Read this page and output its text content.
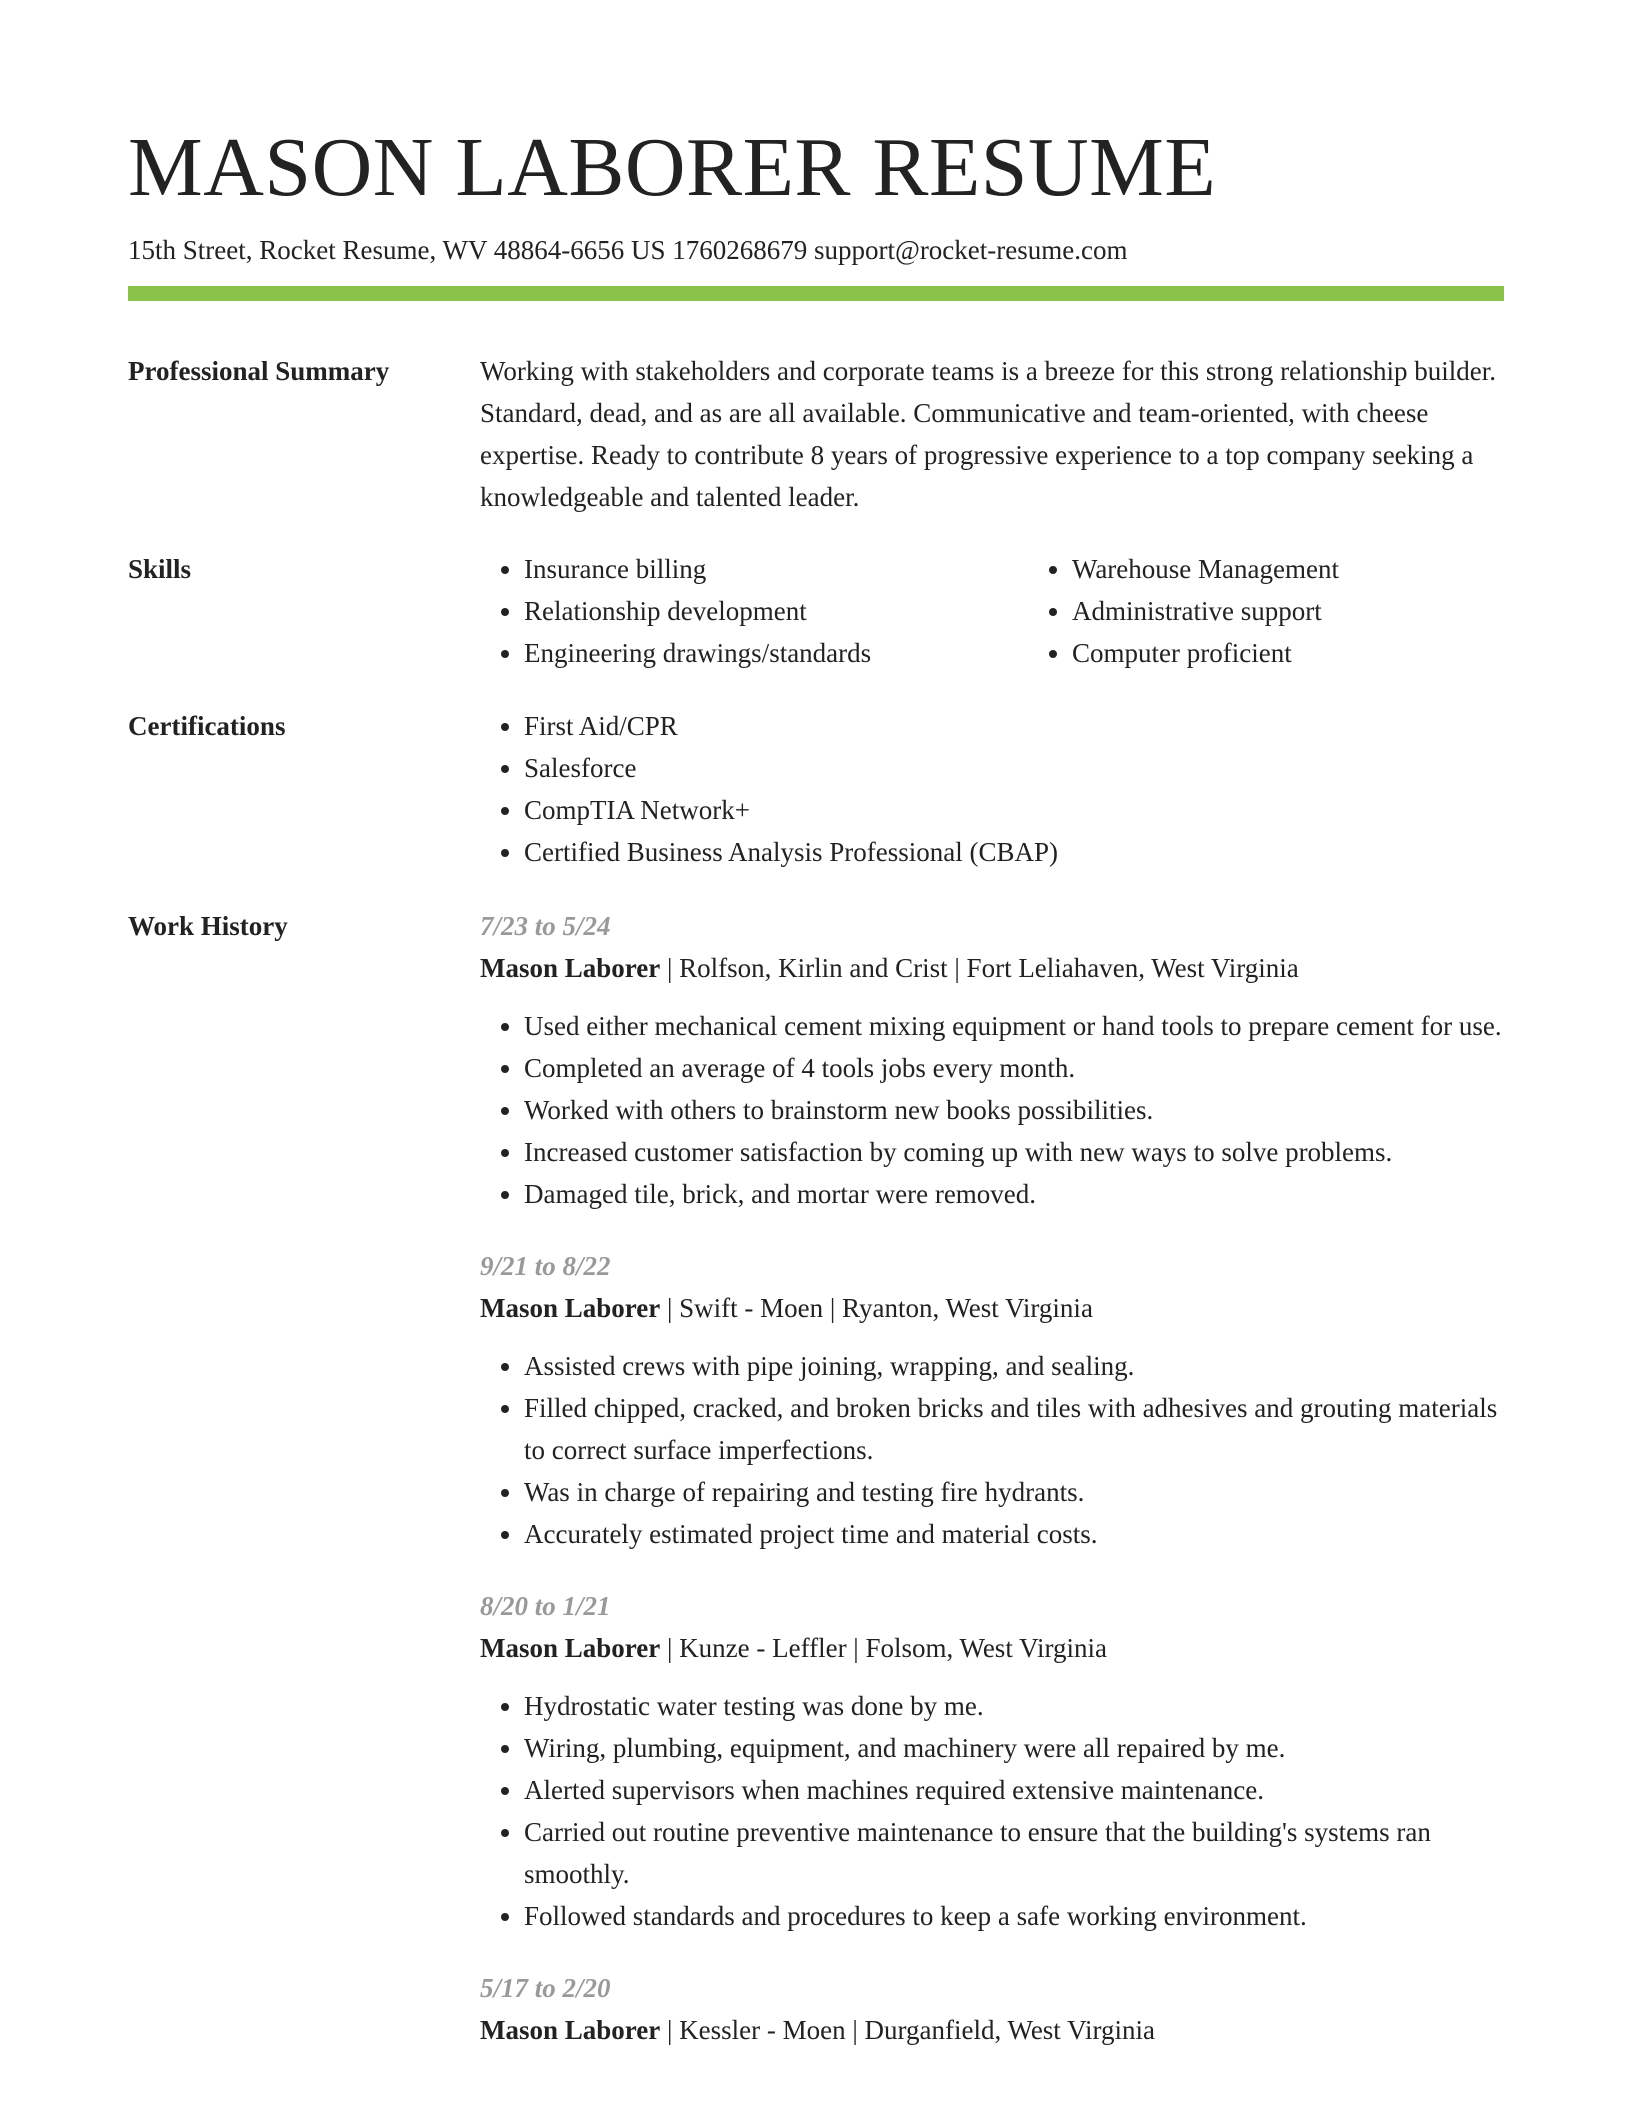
MASON LABORER RESUME
15th Street, Rocket Resume, WV 48864-6656 US 1760268679 support@rocket-resume.com
Professional Summary	Working with stakeholders and corporate teams is a breeze for this strong relationship builder. Standard, dead, and as are all available. Communicative and team-oriented, with cheese expertise. Ready to contribute 8 years of progressive experience to a top company seeking a knowledgeable and talented leader.

Skills	• Insurance billing
• Relationship development
• Engineering drawings/standards
• Warehouse Management
• Administrative support
• Computer proficient
Certifications	• First Aid/CPR
• Salesforce
• CompTIA Network+
• Certified Business Analysis Professional (CBAP)
Work History	7/23 to 5/24
Mason Laborer | Rolfson, Kirlin and Crist | Fort Leliahaven, West Virginia
• Used either mechanical cement mixing equipment or hand tools to prepare cement for use.
• Completed an average of 4 tools jobs every month.
• Worked with others to brainstorm new books possibilities.
• Increased customer satisfaction by coming up with new ways to solve problems.
• Damaged tile, brick, and mortar were removed.
9/21 to 8/22
Mason Laborer | Swift - Moen | Ryanton, West Virginia
• Assisted crews with pipe joining, wrapping, and sealing.
• Filled chipped, cracked, and broken bricks and tiles with adhesives and grouting materials to correct surface imperfections.
• Was in charge of repairing and testing fire hydrants.
• Accurately estimated project time and material costs.
8/20 to 1/21
Mason Laborer | Kunze - Leffler | Folsom, West Virginia
• Hydrostatic water testing was done by me.
• Wiring, plumbing, equipment, and machinery were all repaired by me.
• Alerted supervisors when machines required extensive maintenance.
• Carried out routine preventive maintenance to ensure that the building's systems ran smoothly.
• Followed standards and procedures to keep a safe working environment.
5/17 to 2/20
Mason Laborer | Kessler - Moen | Durganfield, West Virginia
